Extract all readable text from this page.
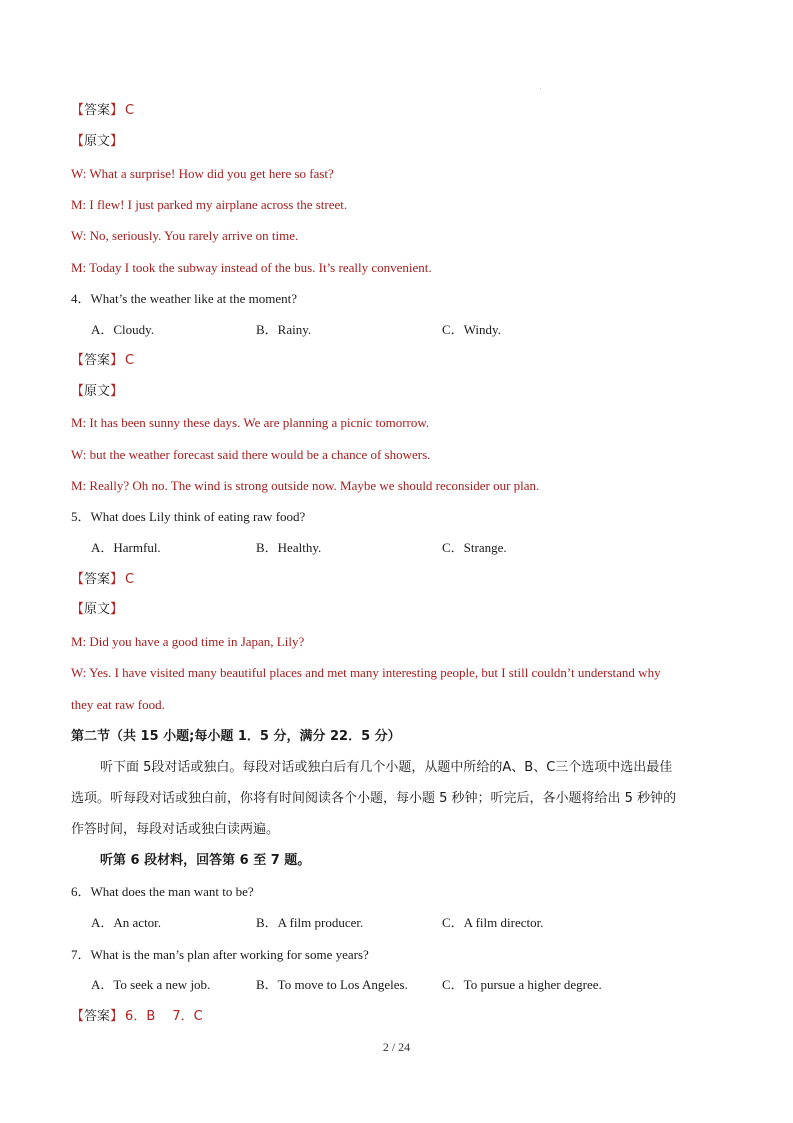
【答案】 C
【原文】
W: What a surprise! How did you get here so fast?
M: I flew! I just parked my airplane across the street.
W: No, seriously. You rarely arrive on time.
M: Today I took the subway instead of the bus. It’s really convenient.
4．What’s the weather like at the moment?
A．Cloudy.	B．Rainy.	C．Windy.
【答案】 C
【原文】
M: It has been sunny these days. We are planning a picnic tomorrow.
W: but the weather forecast said there would be a chance of showers.
M: Really? Oh no. The wind is strong outside now. Maybe we should reconsider our plan.
5．What does Lily think of eating raw food?
A．Harmful.	B．Healthy.	C．Strange.
【答案】 C
【原文】
M: Did you have a good time in Japan, Lily?
W: Yes. I have visited many beautiful places and met many interesting people, but I still couldn’t understand why
they eat raw food.
第二节（共 15 小题;每小题 1．5 分，满分 22．5 分）
听下面 5段对话或独白。每段对话或独白后有几个小题，从题中所给的A、B、C三个选项中选出最佳
选项。听每段对话或独白前，你将有时间阅读各个小题，每小题 5 秒钟；听完后，各小题将给出 5 秒钟的
作答时间，每段对话或独白读两遍。
听第 6 段材料，回答第 6 至 7 题。
6．What does the man want to be?
A．An actor.	B．A film producer.	C．A film director.
7．What is the man’s plan after working for some years?
A．To seek a new job.	B．To move to Los Angeles.	C．To pursue a higher degree.
【答案】 6．B　 7．C
2 / 24
